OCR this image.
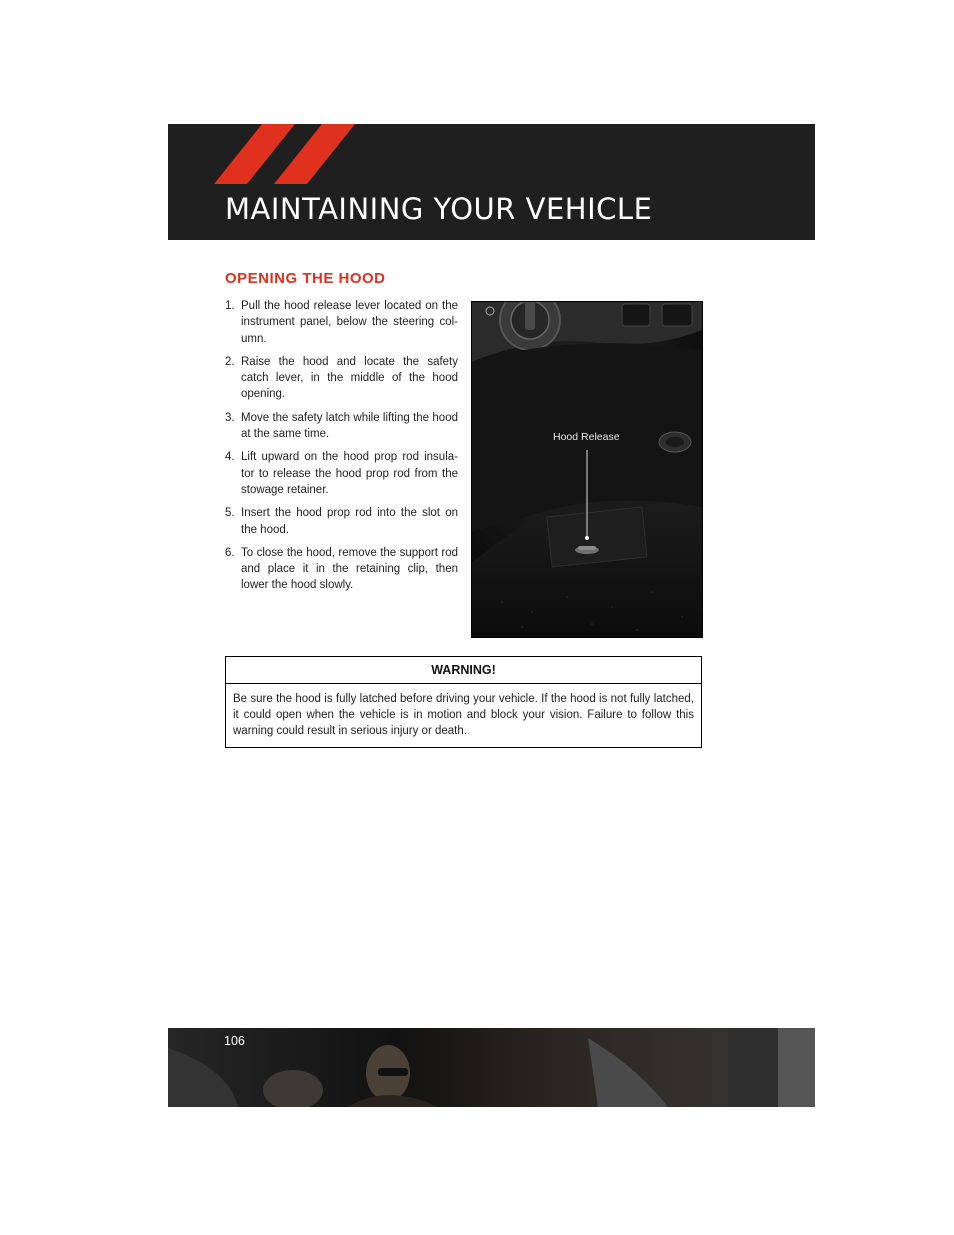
MAINTAINING YOUR VEHICLE
OPENING THE HOOD
1. Pull the hood release lever located on the instrument panel, below the steering col- umn.
2. Raise the hood and locate the safety catch lever, in the middle of the hood opening.
3. Move the safety latch while lifting the hood at the same time.
4. Lift upward on the hood prop rod insula- tor to release the hood prop rod from the stowage retainer.
5. Insert the hood prop rod into the slot on the hood.
6. To close the hood, remove the support rod and place it in the retaining clip, then lower the hood slowly.
Hood Release
WARNING!
Be sure the hood is fully latched before driving your vehicle. If the hood is not fully latched, it could open when the vehicle is in motion and block your vision. Failure to follow this warning could result in serious injury or death.
106
